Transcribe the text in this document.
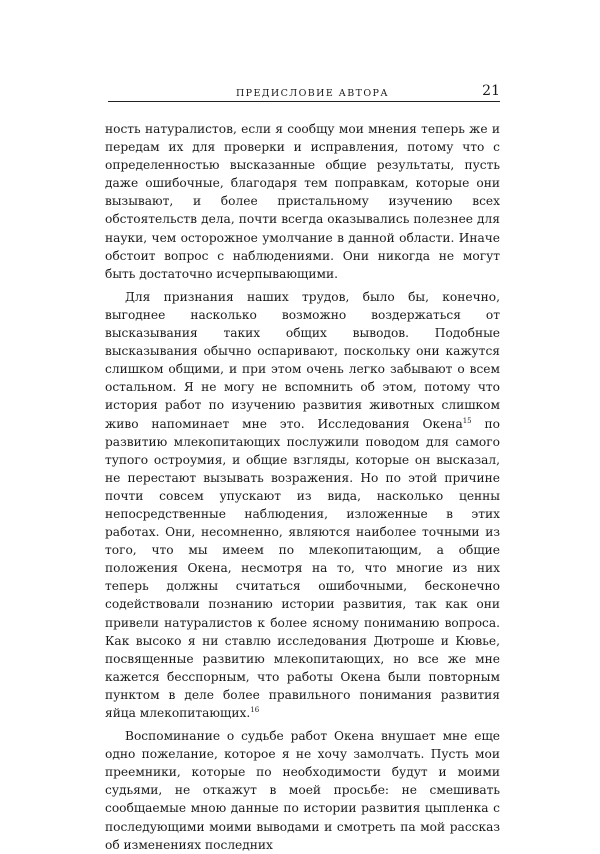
ПРЕДИСЛОВИЕ АВТОРА	21

ность натуралистов, если я сообщу мои мнения теперь же и передам их для проверки и исправления, потому что с определенностью высказанные общие результаты, пусть даже ошибочные, благодаря тем поправкам, которые они вызывают, и более пристальному изучению всех обстоятельств дела, почти всегда оказывались полезнее для науки, чем осторожное умолчание в данной области. Иначе обстоит вопрос с наблюдениями. Они никогда не могут быть достаточно исчерпывающими.

Для признания наших трудов, было бы, конечно, выгоднее насколько возможно воздержаться от высказывания таких общих выводов. Подобные высказывания обычно оспаривают, поскольку они кажутся слишком общими, и при этом очень легко забывают о всем остальном. Я не могу не вспомнить об этом, потому что история работ по изучению развития животных слишком живо напоминает мне это. Исследования Окена$^{15}$ по развитию млекопитающих послужили поводом для самого тупого остроумия, и общие взгляды, которые он высказал, не перестают вызывать возражения. Но по этой причине почти совсем упускают из вида, насколько ценны непосредственные наблюдения, изложенные в этих работах. Они, несомненно, являются наиболее точными из того, что мы имеем по млекопитающим, а общие положения Окена, несмотря на то, что многие из них теперь должны считаться ошибочными, бесконечно содействовали познанию истории развития, так как они привели натуралистов к более ясному пониманию вопроса. Как высоко я ни ставлю исследования Дютроше и Кювье, посвященные развитию млекопитающих, но все же мне кажется бесспорным, что работы Окена были повторным пунктом в деле более правильного понимания развития яйца млекопитающих.$^{16}$

Воспоминание о судьбе работ Окена внушает мне еще одно пожелание, которое я не хочу замолчать. Пусть мои преемники, которые по необходимости будут и моими судьями, не откажут в моей просьбе: не смешивать сообщаемые мною данные по истории развития цыпленка с последующими моими выводами и смотреть па мой рассказ об изменениях последних
